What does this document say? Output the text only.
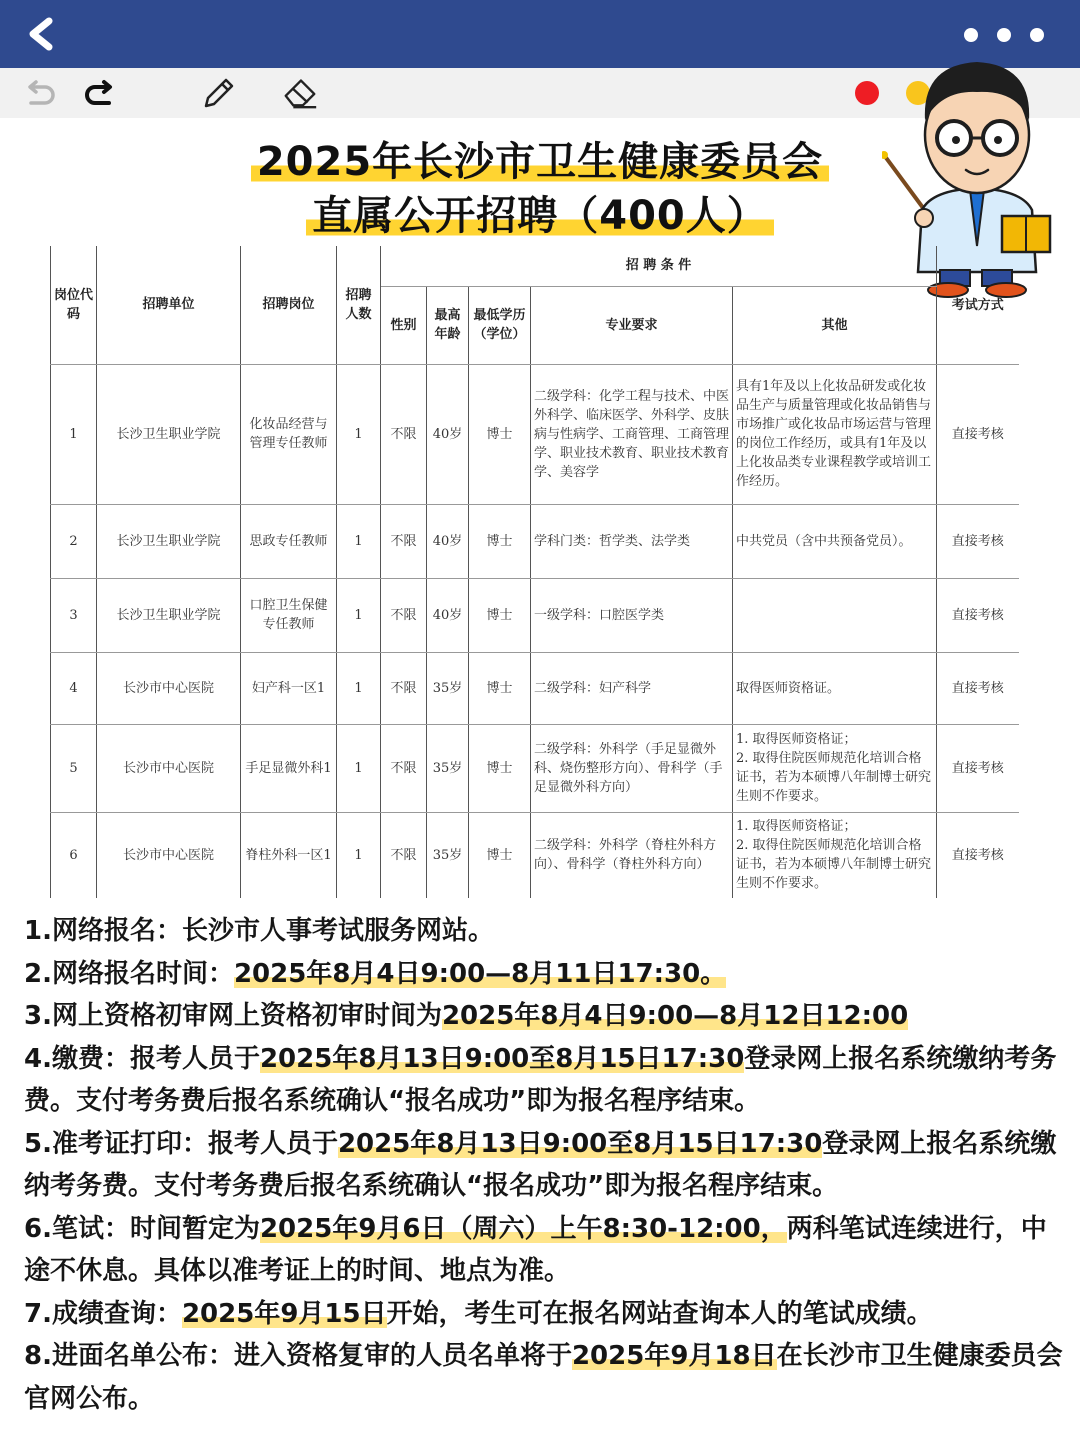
2025年长沙市卫生健康委员会
直属公开招聘（400人）
岗位代码	招聘单位	招聘岗位	招聘人数	招 聘 条 件					考试方式	
				性别	最高年龄	最低学历（学位）	专业要求	其他		
1	长沙卫生职业学院	化妆品经营与管理专任教师	1	不限	40岁	博士	二级学科：化学工程与技术、中医外科学、临床医学、外科学、皮肤病与性病学、工商管理、工商管理学、职业技术教育、职业技术教育学、美容学	具有1年及以上化妆品研发或化妆品生产与质量管理或化妆品销售与市场推广或化妆品市场运营与管理的岗位工作经历，或具有1年及以上化妆品类专业课程教学或培训工作经历。	直接考核	
2	长沙卫生职业学院	思政专任教师	1	不限	40岁	博士	学科门类：哲学类、法学类	中共党员（含中共预备党员）。	直接考核	
3	长沙卫生职业学院	口腔卫生保健专任教师	1	不限	40岁	博士	一级学科：口腔医学类		直接考核	
4	长沙市中心医院	妇产科一区1	1	不限	35岁	博士	二级学科：妇产科学	取得医师资格证。	直接考核	
5	长沙市中心医院	手足显微外科1	1	不限	35岁	博士	二级学科：外科学（手足显微外科、烧伤整形方向）、骨科学（手足显微外科方向）	1. 取得医师资格证；
2. 取得住院医师规范化培训合格证书，若为本硕博八年制博士研究生则不作要求。	直接考核	
6	长沙市中心医院	脊柱外科一区1	1	不限	35岁	博士	二级学科：外科学（脊柱外科方向）、骨科学（脊柱外科方向）	1. 取得医师资格证；
2. 取得住院医师规范化培训合格证书，若为本硕博八年制博士研究生则不作要求。	直接考核	

1.网络报名：长沙市人事考试服务网站。

2.网络报名时间：2025年8月4日9:00—8月11日17:30。

3.网上资格初审网上资格初审时间为2025年8月4日9:00—8月12日12:00

4.缴费：报考人员于2025年8月13日9:00至8月15日17:30登录网上报名系统缴纳考务费。支付考务费后报名系统确认“报名成功”即为报名程序结束。

5.准考证打印：报考人员于2025年8月13日9:00至8月15日17:30登录网上报名系统缴纳考务费。支付考务费后报名系统确认“报名成功”即为报名程序结束。

6.笔试：时间暂定为2025年9月6日（周六）上午8:30-12:00，两科笔试连续进行，中途不休息。具体以准考证上的时间、地点为准。

7.成绩查询：2025年9月15日开始，考生可在报名网站查询本人的笔试成绩。

8.进面名单公布：进入资格复审的人员名单将于2025年9月18日在长沙市卫生健康委员会官网公布。
